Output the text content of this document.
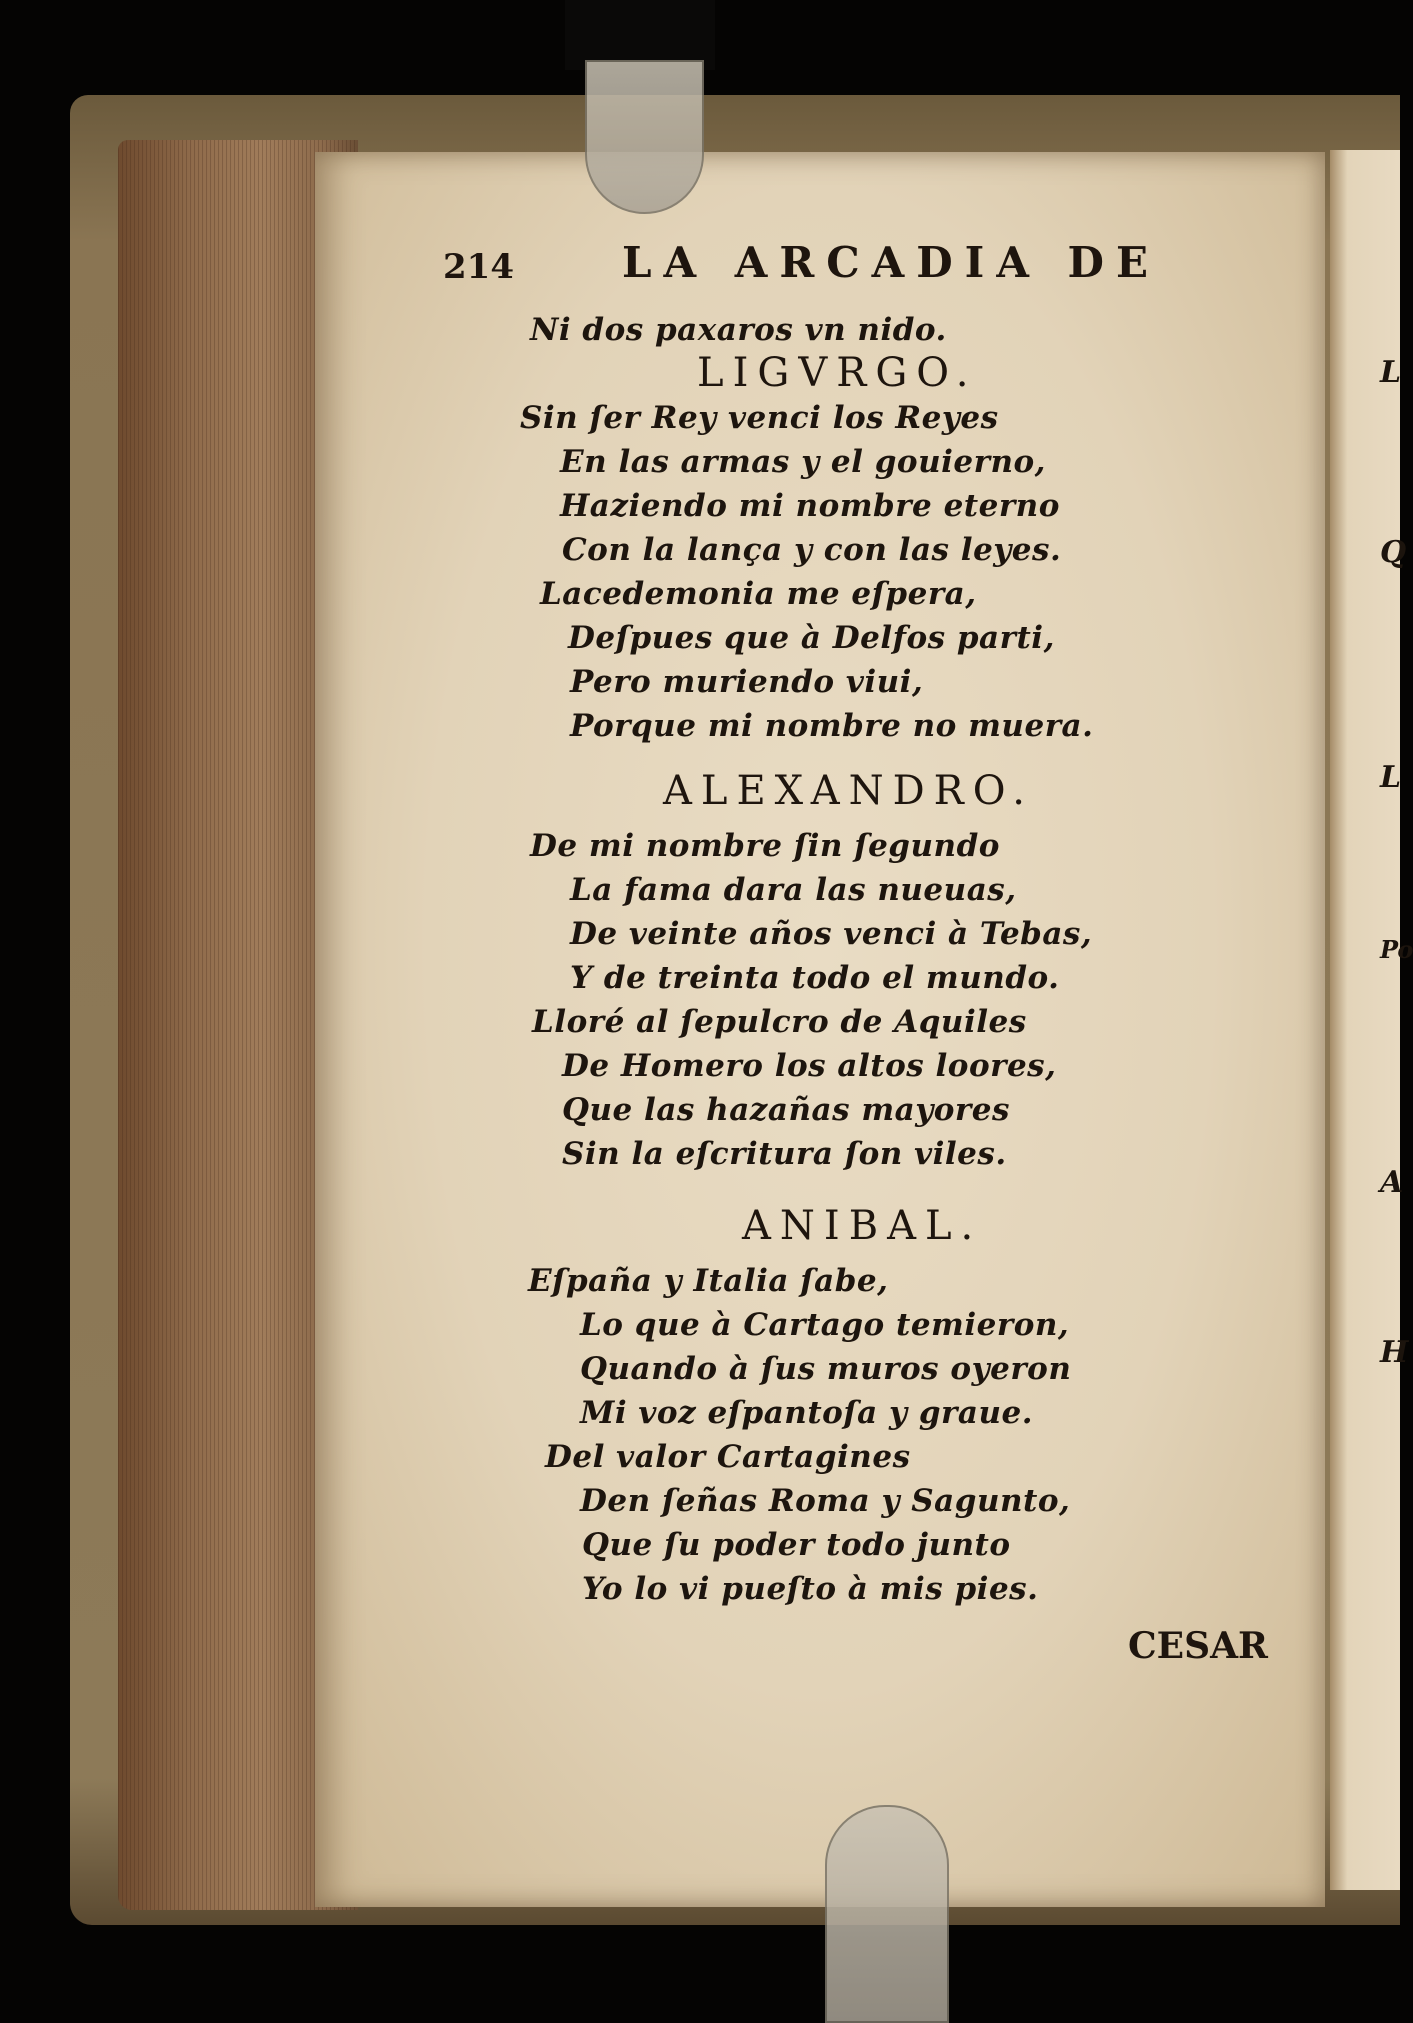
L
Q
L
Po
A
H
214	LA ARCADIA DE
Ni dos paxaros vn nido.
LIGVRGO.
Sin ſer Rey venci los Reyes
En las armas y el gouierno,
Haziendo mi nombre eterno
Con la lança y con las leyes.
Lacedemonia me eſpera,
Deſpues que à Delfos parti,
Pero muriendo viui,
Porque mi nombre no muera.
ALEXANDRO.
De mi nombre ſin ſegundo
La fama dara las nueuas,
De veinte años venci à Tebas,
Y de treinta todo el mundo.
Lloré al ſepulcro de Aquiles
De Homero los altos loores,
Que las hazañas mayores
Sin la eſcritura ſon viles.
ANIBAL.
Eſpaña y Italia ſabe,
Lo que à Cartago temieron,
Quando à ſus muros oyeron
Mi voz eſpantoſa y graue.
Del valor Cartagines
Den ſeñas Roma y Sagunto,
Que ſu poder todo junto
Yo lo vi pueſto à mis pies.
CESAR
